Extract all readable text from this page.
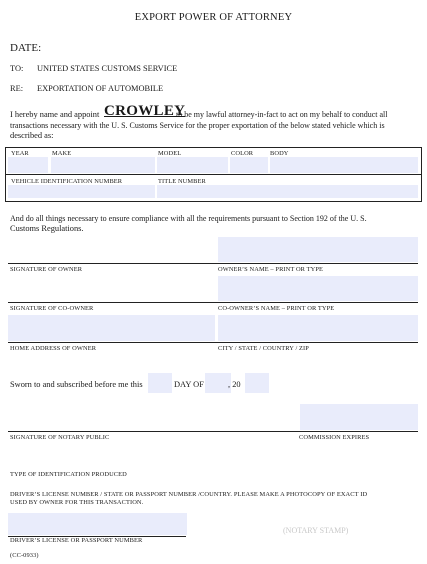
EXPORT POWER OF ATTORNEY
DATE:
TO: UNITED STATES CUSTOMS SERVICE
RE: EXPORTATION OF AUTOMOBILE
I hereby name and appoint CROWLEY
to be my lawful attorney-in-fact to act on my behalf to conduct all
transactions necessary with the U. S. Customs Service for the proper exportation of the below stated vehicle which is
described as:
YEAR	MAKE	MODEL	COLOR	BODY
VEHICLE IDENTIFICATION NUMBER	TITLE NUMBER
And do all things necessary to ensure compliance with all the requirements pursuant to Section 192 of the U. S.
Customs Regulations.
SIGNATURE OF OWNER	OWNER’S NAME – PRINT OR TYPE
SIGNATURE OF CO-OWNER	CO-OWNER’S NAME – PRINT OR TYPE
HOME ADDRESS OF OWNER	CITY / STATE / COUNTRY / ZIP
Sworn to and subscribed before me this	DAY OF	, 20
SIGNATURE OF NOTARY PUBLIC	COMMISSION EXPIRES
TYPE OF IDENTIFICATION PRODUCED
DRIVER’S LICENSE NUMBER / STATE OR PASSPORT NUMBER /COUNTRY. PLEASE MAKE A PHOTOCOPY OF EXACT ID
USED BY OWNER FOR THIS TRANSACTION.
DRIVER’S LICENSE OR PASSPORT NUMBER
(NOTARY STAMP)
(CC-0933)
